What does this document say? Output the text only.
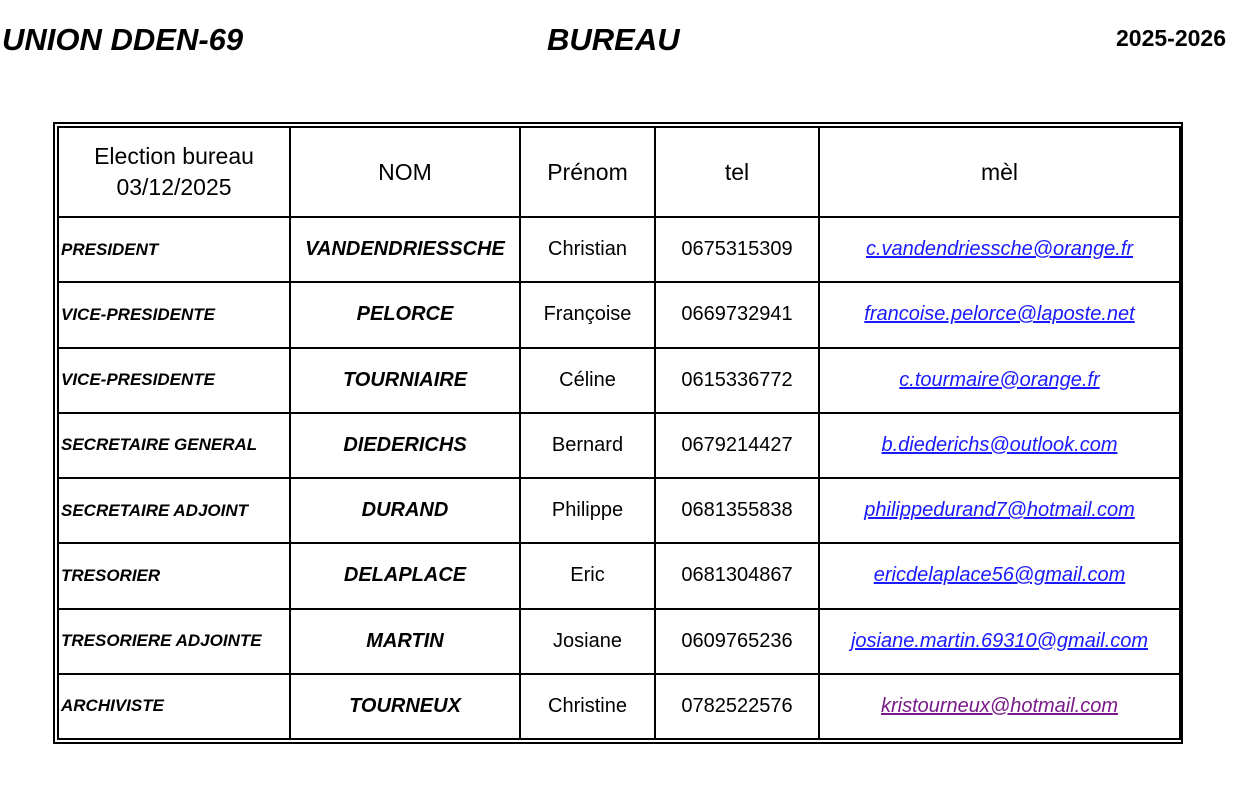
UNION DDEN-69	BUREAU	2025-2026
Election bureau
03/12/2025	NOM	Prénom	tel	mèl
PRESIDENT	VANDENDRIESSCHE	Christian	0675315309	c.vandendriessche@orange.fr
VICE-PRESIDENTE	PELORCE	Françoise	0669732941	francoise.pelorce@laposte.net
VICE-PRESIDENTE	TOURNIAIRE	Céline	0615336772	c.tourmaire@orange.fr
SECRETAIRE GENERAL	DIEDERICHS	Bernard	0679214427	b.diederichs@outlook.com
SECRETAIRE ADJOINT	DURAND	Philippe	0681355838	philippedurand7@hotmail.com
TRESORIER	DELAPLACE	Eric	0681304867	ericdelaplace56@gmail.com
TRESORIERE ADJOINTE	MARTIN	Josiane	0609765236	josiane.martin.69310@gmail.com
ARCHIVISTE	TOURNEUX	Christine	0782522576	kristourneux@hotmail.com
